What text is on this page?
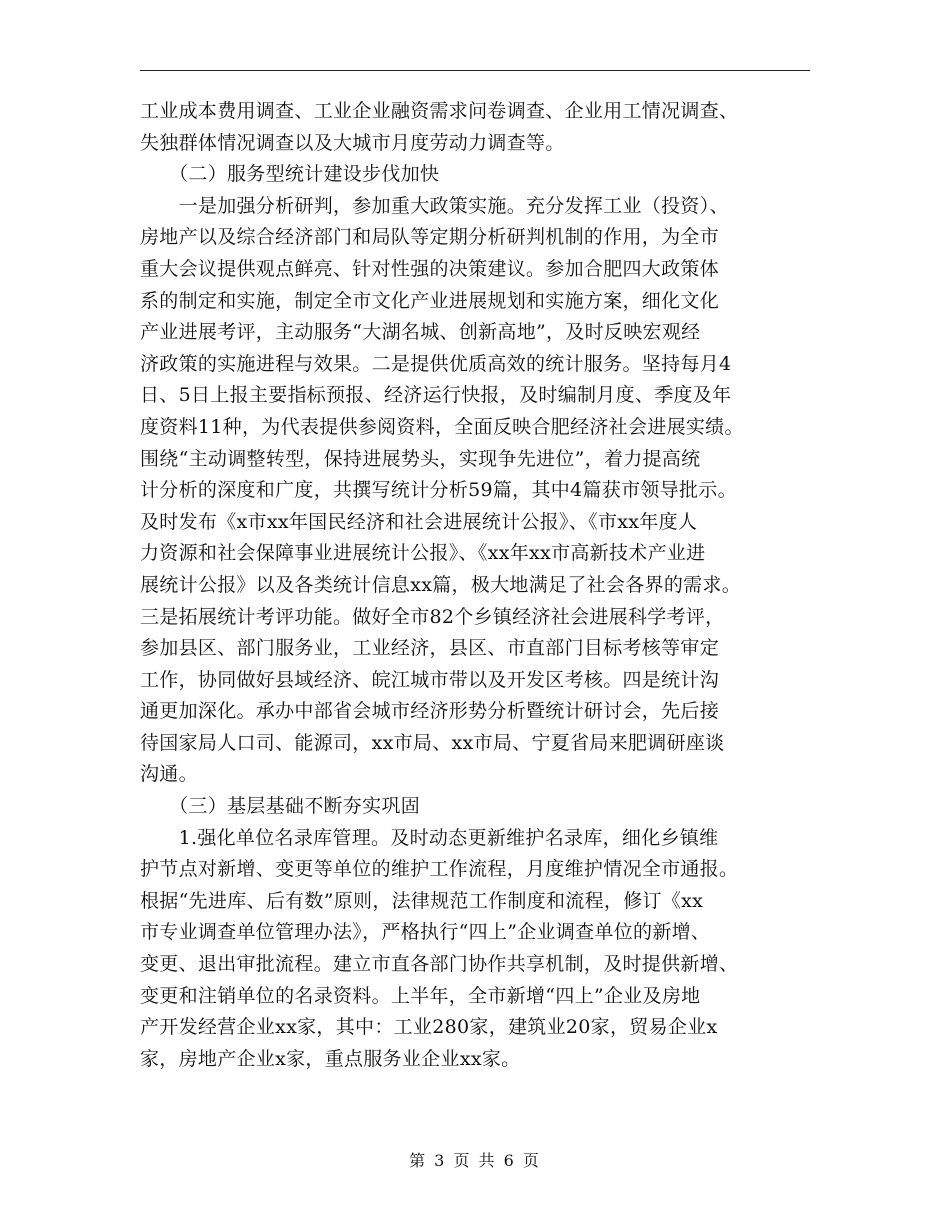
工业成本费用调查、工业企业融资需求问卷调查、企业用工情况调查、
失独群体情况调查以及大城市月度劳动力调查等。
　　（二）服务型统计建设步伐加快
　　一是加强分析研判，参加重大政策实施。充分发挥工业（投资）、
房地产以及综合经济部门和局队等定期分析研判机制的作用，为全市
重大会议提供观点鲜亮、针对性强的决策建议。参加合肥四大政策体
系的制定和实施，制定全市文化产业进展规划和实施方案，细化文化
产业进展考评，主动服务“大湖名城、创新高地”，及时反映宏观经
济政策的实施进程与效果。二是提供优质高效的统计服务。坚持每月4
日、5日上报主要指标预报、经济运行快报，及时编制月度、季度及年
度资料11种，为代表提供参阅资料，全面反映合肥经济社会进展实绩。
围绕“主动调整转型，保持进展势头，实现争先进位”，着力提高统
计分析的深度和广度，共撰写统计分析59篇，其中4篇获市领导批示。
及时发布《x市xx年国民经济和社会进展统计公报》、《市xx年度人
力资源和社会保障事业进展统计公报》、《xx年xx市高新技术产业进
展统计公报》以及各类统计信息xx篇，极大地满足了社会各界的需求。
三是拓展统计考评功能。做好全市82个乡镇经济社会进展科学考评，
参加县区、部门服务业，工业经济，县区、市直部门目标考核等审定
工作，协同做好县域经济、皖江城市带以及开发区考核。四是统计沟
通更加深化。承办中部省会城市经济形势分析暨统计研讨会，先后接
待国家局人口司、能源司，xx市局、xx市局、宁夏省局来肥调研座谈
沟通。
　　（三）基层基础不断夯实巩固
　　1.强化单位名录库管理。及时动态更新维护名录库，细化乡镇维
护节点对新增、变更等单位的维护工作流程，月度维护情况全市通报。
根据“先进库、后有数”原则，法律规范工作制度和流程，修订《xx
市专业调查单位管理办法》，严格执行“四上”企业调查单位的新增、
变更、退出审批流程。建立市直各部门协作共享机制，及时提供新增、
变更和注销单位的名录资料。上半年，全市新增“四上”企业及房地
产开发经营企业xx家，其中：工业280家，建筑业20家，贸易企业x
家，房地产企业x家，重点服务业企业xx家。
第 3 页 共 6 页
